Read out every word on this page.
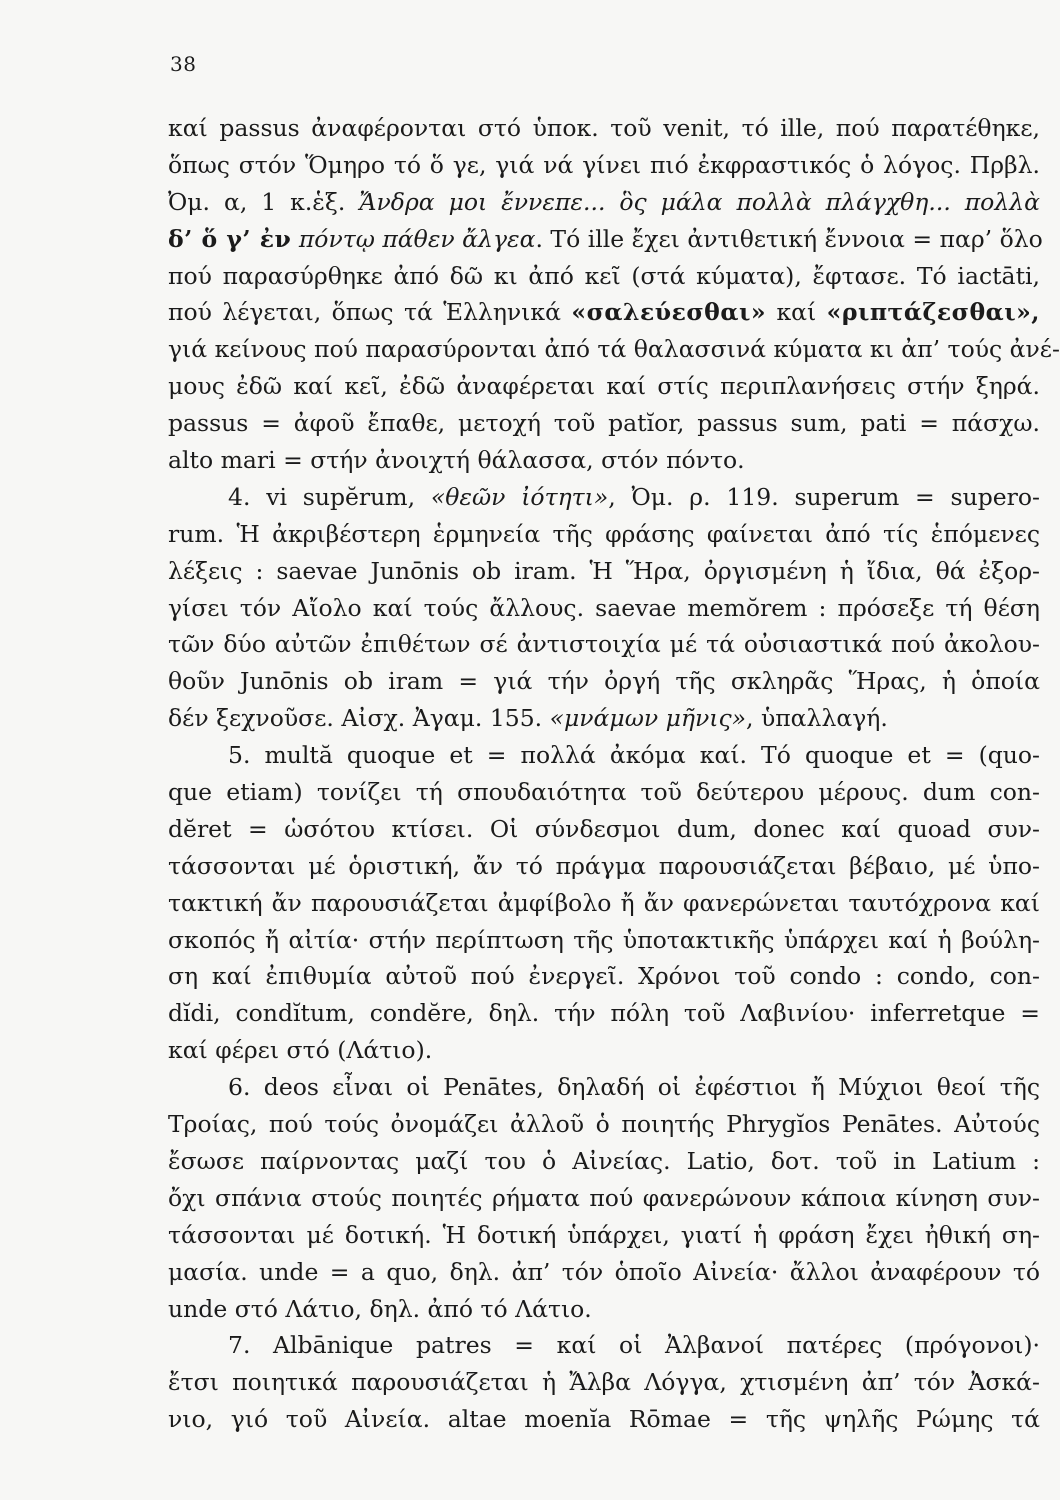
38
καί passus ἀναφέρονται στό ὑποκ. τοῦ venit, τό ille, πού παρατέθηκε,
ὅπως στόν Ὅμηρο τό ὅ γε, γιά νά γίνει πιό ἐκφραστικός ὁ λόγος. Πρβλ.
Ὀμ. α, 1 κ.ἑξ. Ἄνδρα μοι ἔννεπε... ὃς μάλα πολλὰ πλάγχθη... πολλὰ
δ’ ὅ γ’ ἐν πόντῳ πάθεν ἄλγεα. Τό ille ἔχει ἀντιθετική ἔννοια = παρ’ ὅλο
πού παρασύρθηκε ἀπό δῶ κι ἀπό κεῖ (στά κύματα), ἔφτασε. Τό iactāti,
πού λέγεται, ὅπως τά Ἑλληνικά «σαλεύεσθαι» καί «ριπτάζεσθαι»,
γιά κείνους πού παρασύρονται ἀπό τά θαλασσινά κύματα κι ἀπ’ τούς ἀνέ-
μους ἐδῶ καί κεῖ, ἐδῶ ἀναφέρεται καί στίς περιπλανήσεις στήν ξηρά.
passus = ἀφοῦ ἔπαθε, μετοχή τοῦ patĭor, passus sum, pati = πάσχω.
alto mari = στήν ἀνοιχτή θάλασσα, στόν πόντο.
4. vi supĕrum, «θεῶν ἰότητι», Ὀμ. ρ. 119. superum = supero-
rum. Ἡ ἀκριβέστερη ἑρμηνεία τῆς φράσης φαίνεται ἀπό τίς ἑπόμενες
λέξεις : saevae Junōnis ob iram. Ἡ Ἥρα, ὀργισμένη ἡ ἴδια, θά ἐξορ-
γίσει τόν Αἴολο καί τούς ἄλλους. saevae memŏrem : πρόσεξε τή θέση
τῶν δύο αὐτῶν ἐπιθέτων σέ ἀντιστοιχία μέ τά οὐσιαστικά πού ἀκολου-
θοῦν Junōnis ob iram = γιά τήν ὀργή τῆς σκληρᾶς Ἥρας, ἡ ὁποία
δέν ξεχνοῦσε. Αἰσχ. Ἀγαμ. 155. «μνάμων μῆνις», ὑπαλλαγή.
5. multă quoque et = πολλά ἀκόμα καί. Τό quoque et = (quo-
que etiam) τονίζει τή σπουδαιότητα τοῦ δεύτερου μέρους. dum con-
dĕret = ὡσότου κτίσει. Οἱ σύνδεσμοι dum, donec καί quoad συν-
τάσσονται μέ ὁριστική, ἄν τό πράγμα παρουσιάζεται βέβαιο, μέ ὑπο-
τακτική ἄν παρουσιάζεται ἀμφίβολο ἤ ἄν φανερώνεται ταυτόχρονα καί
σκοπός ἤ αἰτία· στήν περίπτωση τῆς ὑποτακτικῆς ὑπάρχει καί ἡ βούλη-
ση καί ἐπιθυμία αὐτοῦ πού ἐνεργεῖ. Χρόνοι τοῦ condo : condo, con-
dĭdi, condĭtum, condĕre, δηλ. τήν πόλη τοῦ Λαβινίου· inferretque =
καί φέρει στό (Λάτιο).
6. deos εἶναι οἱ Penātes, δηλαδή οἱ ἐφέστιοι ἤ Μύχιοι θεοί τῆς
Τροίας, πού τούς ὀνομάζει ἀλλοῦ ὁ ποιητής Phrygĭos Penātes. Αὐτούς
ἔσωσε παίρνοντας μαζί του ὁ Αἰνείας. Latio, δοτ. τοῦ in Latium :
ὄχι σπάνια στούς ποιητές ρήματα πού φανερώνουν κάποια κίνηση συν-
τάσσονται μέ δοτική. Ἡ δοτική ὑπάρχει, γιατί ἡ φράση ἔχει ἠθική ση-
μασία. unde = a quo, δηλ. ἀπ’ τόν ὁποῖο Αἰνεία· ἄλλοι ἀναφέρουν τό
unde στό Λάτιο, δηλ. ἀπό τό Λάτιο.
7. Albānique patres = καί οἱ Ἀλβανοί πατέρες (πρόγονοι)·
ἔτσι ποιητικά παρουσιάζεται ἡ Ἄλβα Λόγγα, χτισμένη ἀπ’ τόν Ἀσκά-
νιο, γιό τοῦ Αἰνεία. altae moenĭa Rōmae = τῆς ψηλῆς Ρώμης τά
